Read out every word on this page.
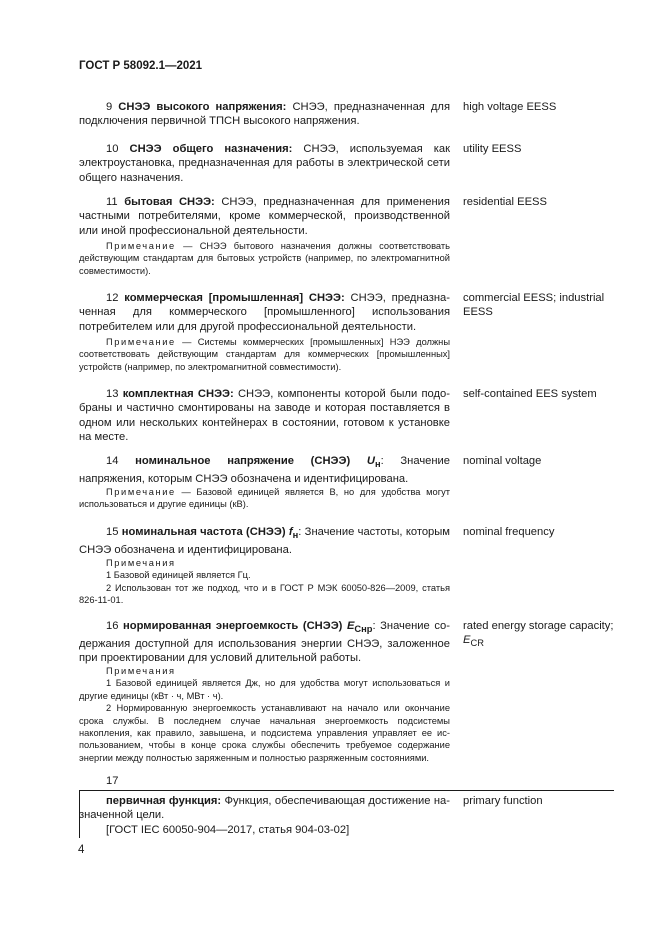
ГОСТ Р 58092.1—2021

9 СНЭЭ высокого напряжения: СНЭЭ, предназначенная для подключения первичной ТПСН высокого напряжения.

high voltage EESS

10 СНЭЭ общего назначения: СНЭЭ, используемая как электроустановка, предназначенная для работы в электрической сети общего назначения.

utility EESS

11 бытовая СНЭЭ: СНЭЭ, предназначенная для применения частными потребителями, кроме коммерческой, производственной или иной профессиональной деятельности.

residential EESS

Примечание — СНЭЭ бытового назначения должны соответствовать действующим стандартам для бытовых устройств (например, по электромагнитной совместимости).

12 коммерческая [промышленная] СНЭЭ: СНЭЭ, предназначенная для коммерческого [промышленного] использования потребителем или для другой профессиональной деятельности.

commercial EESS; industrial EESS

Примечание — Системы коммерческих [промышленных] НЭЭ должны соответствовать действующим стандартам для коммерческих [промышленных] устройств (например, по электромагнитной совместимости).

13 комплектная СНЭЭ: СНЭЭ, компоненты которой были подобраны и частично смонтированы на заводе и которая поставляется в одном или нескольких контейнерах в состоянии, готовом к установке на месте.

self-contained EES system

14 номинальное напряжение (СНЭЭ) $U_н$: Значение напряжения, которым СНЭЭ обозначена и идентифицирована.

nominal voltage

Примечание — Базовой единицей является В, но для удобства могут использоваться и другие единицы (кВ).

15 номинальная частота (СНЭЭ) $f_н$: Значение частоты, которым СНЭЭ обозначена и идентифицирована.

nominal frequency

Примечания

1 Базовой единицей является Гц.

2 Использован тот же подход, что и в ГОСТ Р МЭК 60050-826—2009, статья 826-11-01.

16 нормированная энергоемкость (СНЭЭ) $E_{Снр}$: Значение содержания доступной для использования энергии СНЭЭ, заложенное при проектировании для условий длительной работы.

rated energy storage capacity;
$E_{CR}$

Примечания

1 Базовой единицей является Дж, но для удобства могут использоваться и другие единицы (кВт · ч, МВт · ч).

2 Нормированную энергоемкость устанавливают на начало или окончание срока службы. В последнем случае начальная энергоемкость подсистемы накопления, как правило, завышена, и подсистема управления управляет ее использованием, чтобы в конце срока службы обеспечить требуемое содержание энергии между полностью заряженным и полностью разряженным состояниями.

17

первичная функция: Функция, обеспечивающая достижение назначенной цели.

[ГОСТ IEC 60050-904—2017, статья 904-03-02]

primary function
4
